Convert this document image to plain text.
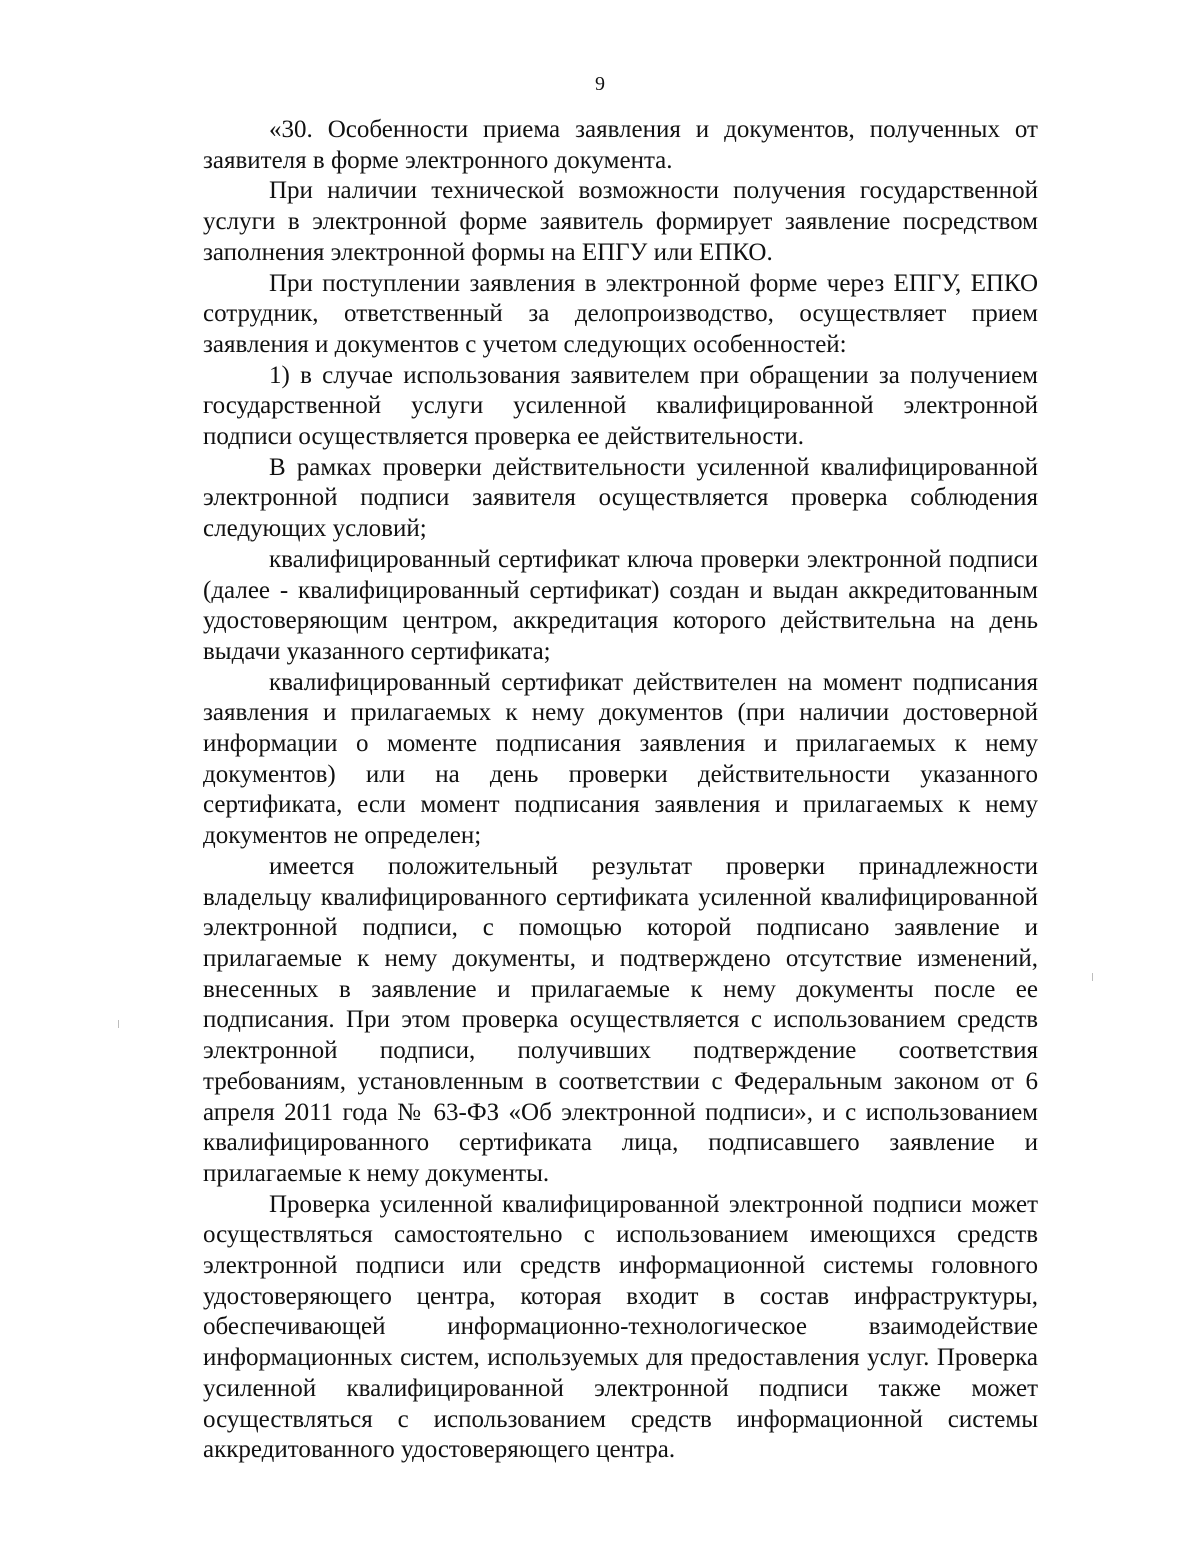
9

«30. Особенности приема заявления и документов, полученных от заявителя в форме электронного документа.

При наличии технической возможности получения государственной услуги в электронной форме заявитель формирует заявление посредством заполнения электронной формы на ЕПГУ или ЕПКО.

При поступлении заявления в электронной форме через ЕПГУ, ЕПКО сотрудник, ответственный за делопроизводство, осуществляет прием заявления и документов с учетом следующих особенностей:

1) в случае использования заявителем при обращении за получением государственной услуги усиленной квалифицированной электронной подписи осуществляется проверка ее действительности.

В рамках проверки действительности усиленной квалифицированной электронной подписи заявителя осуществляется проверка соблюдения следующих условий;

квалифицированный сертификат ключа проверки электронной подписи (далее - квалифицированный сертификат) создан и выдан аккредитованным удостоверяющим центром, аккредитация которого действительна на день выдачи указанного сертификата;

квалифицированный сертификат действителен на момент подписания заявления и прилагаемых к нему документов (при наличии достоверной информации о моменте подписания заявления и прилагаемых к нему документов) или на день проверки действительности указанного сертификата, если момент подписания заявления и прилагаемых к нему документов не определен;

имеется положительный результат проверки принадлежности владельцу квалифицированного сертификата усиленной квалифицированной электронной подписи, с помощью которой подписано заявление и прилагаемые к нему документы, и подтверждено отсутствие изменений, внесенных в заявление и прилагаемые к нему документы после ее подписания. При этом проверка осуществляется с использованием средств электронной подписи, получивших подтверждение соответствия требованиям, установленным в соответствии с Федеральным законом от 6 апреля 2011 года № 63-ФЗ «Об электронной подписи», и с использованием квалифицированного сертификата лица, подписавшего заявление и прилагаемые к нему документы.

Проверка усиленной квалифицированной электронной подписи может осуществляться самостоятельно с использованием имеющихся средств электронной подписи или средств информационной системы головного удостоверяющего центра, которая входит в состав инфраструктуры, обеспечивающей информационно-технологическое взаимодействие информационных систем, используемых для предоставления услуг. Проверка усиленной квалифицированной электронной подписи также может осуществляться с использованием средств информационной системы аккредитованного удостоверяющего центра.
